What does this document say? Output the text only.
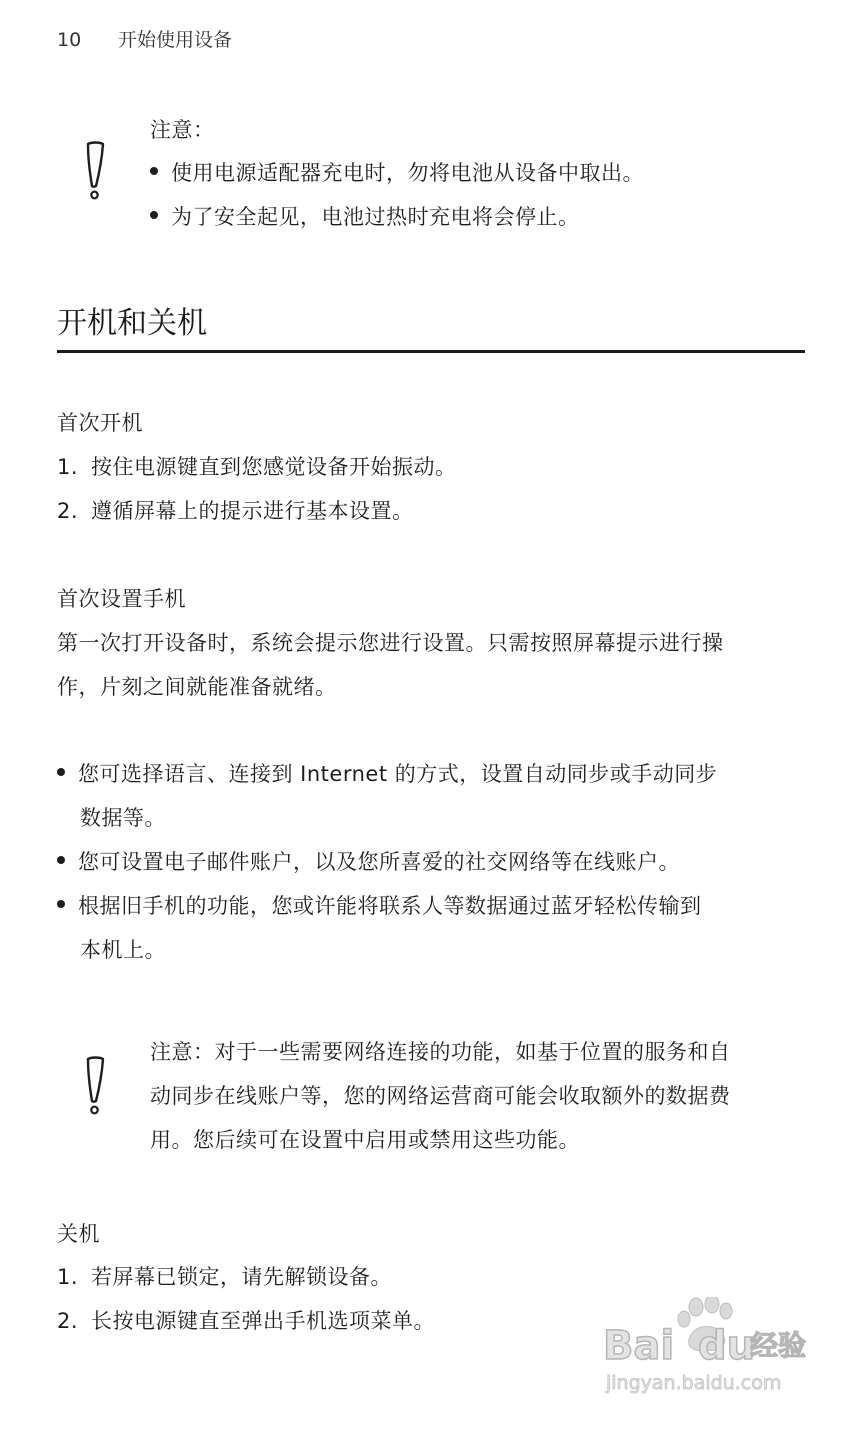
10 开始使用设备
注意：
使用电源适配器充电时，勿将电池从设备中取出。
为了安全起见，电池过热时充电将会停止。
开机和关机
首次开机
1. 按住电源键直到您感觉设备开始振动。
2. 遵循屏幕上的提示进行基本设置。
首次设置手机
第一次打开设备时，系统会提示您进行设置。只需按照屏幕提示进行操
作，片刻之间就能准备就绪。
您可选择语言、连接到 Internet 的方式，设置自动同步或手动同步
数据等。
您可设置电子邮件账户，以及您所喜爱的社交网络等在线账户。
根据旧手机的功能，您或许能将联系人等数据通过蓝牙轻松传输到
本机上。
注意：对于一些需要网络连接的功能，如基于位置的服务和自
动同步在线账户等，您的网络运营商可能会收取额外的数据费
用。您后续可在设置中启用或禁用这些功能。
关机
1. 若屏幕已锁定，请先解锁设备。
2. 长按电源键直至弹出手机选项菜单。
Bai du
经验
jingyan.baidu.com
